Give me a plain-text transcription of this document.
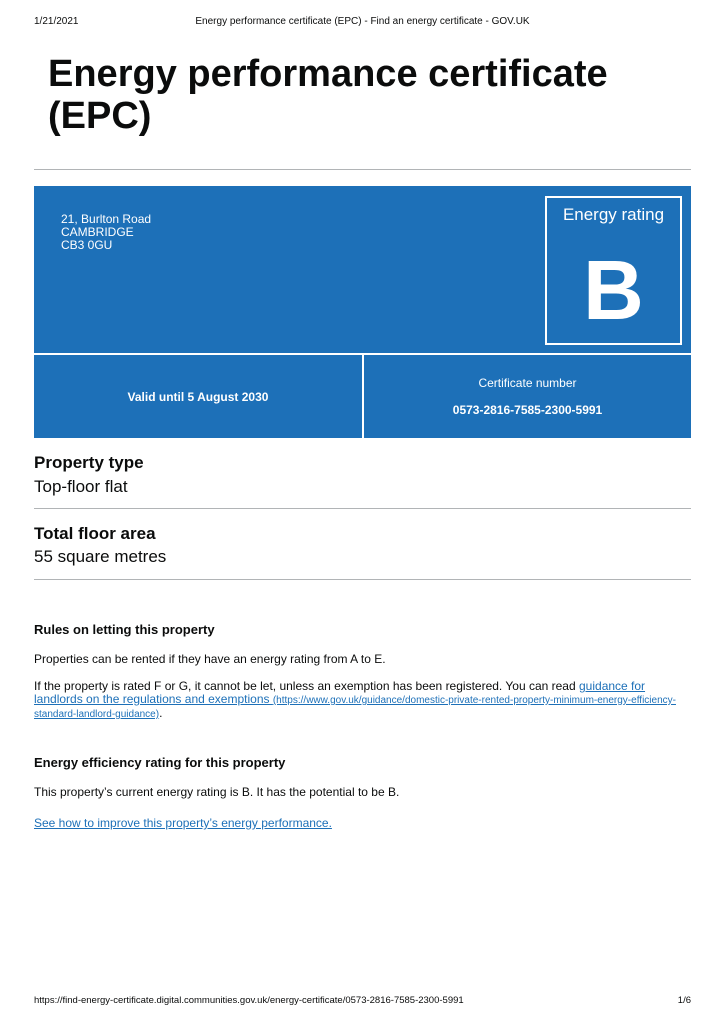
1/21/2021	Energy performance certificate (EPC) - Find an energy certificate - GOV.UK
Energy performance certificate (EPC)
21, Burlton Road
CAMBRIDGE
CB3 0GU
Energy rating
B
Valid until 5 August 2030
Certificate number
0573-2816-7585-2300-5991
Property type
Top-floor flat
Total floor area
55 square metres
Rules on letting this property

Properties can be rented if they have an energy rating from A to E.

If the property is rated F or G, it cannot be let, unless an exemption has been registered. You can read guidance for landlords on the regulations and exemptions (https://www.gov.uk/guidance/domestic-private-rented-property-minimum-energy-efficiency-standard-landlord-guidance).

Energy efficiency rating for this property

This property’s current energy rating is B. It has the potential to be B.

See how to improve this property’s energy performance.

https://find-energy-certificate.digital.communities.gov.uk/energy-certificate/0573-2816-7585-2300-5991	1/6
